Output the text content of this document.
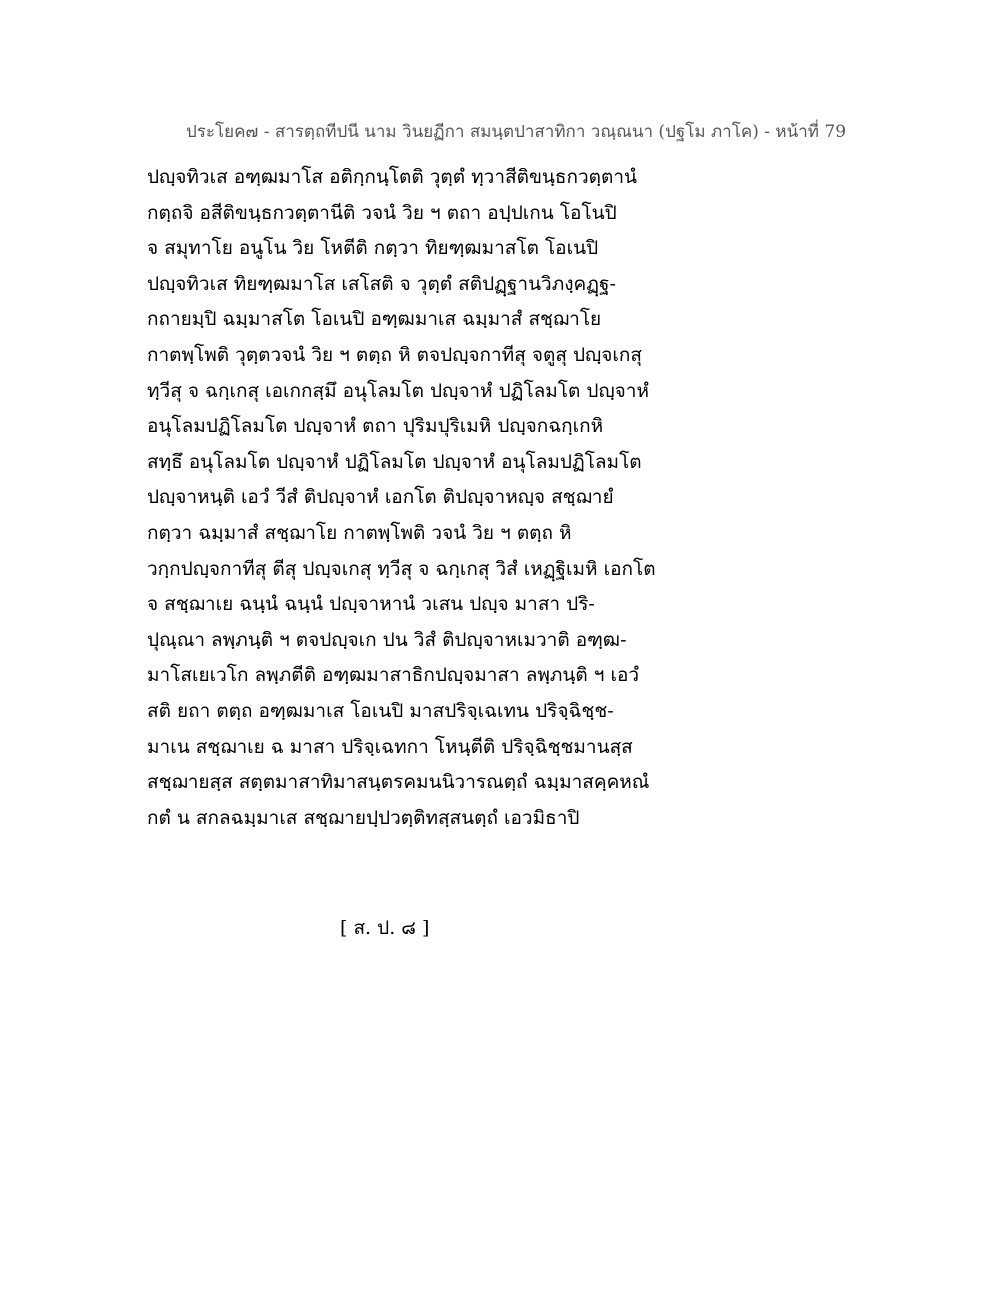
ประโยค๗ - สารตฺถทีปนี นาม วินยฏีกา สมนฺตปาสาทิกา วณฺณนา (ปฐโม ภาโค) - หน้าที่ 79
ปญฺจทิวเส อฑฺฒมาโส อติกฺกนฺโตติ วุตฺตํ ทฺวาสีติขนฺธกวตฺตานํ
กตฺถจิ อสีติขนฺธกวตฺตานีติ วจนํ วิย ฯ ตถา อปฺปเกน โอโนปิ
จ สมุทาโย อนูโน วิย โหตีติ กตฺวา ทิยฑฺฒมาสโต โอเนปิ
ปญฺจทิวเส ทิยฑฺฒมาโส เสโสติ จ วุตฺตํ สติปฏฺฐานวิภงฺคฏฺฐ-
กถายมฺปิ ฉมฺมาสโต โอเนปิ อฑฺฒมาเส ฉมฺมาสํ สชฺฌาโย
กาตพฺโพติ วุตฺตวจนํ วิย ฯ ตตฺถ หิ ตจปญฺจกาทีสุ จตูสุ ปญฺจเกสุ
ทฺวีสุ จ ฉกฺเกสุ เอเกกสฺมึ อนุโลมโต ปญฺจาหํ ปฏิโลมโต ปญฺจาหํ
อนุโลมปฏิโลมโต ปญฺจาหํ ตถา ปุริมปุริเมหิ ปญฺจกฉกฺเกหิ
สทฺธึ อนุโลมโต ปญฺจาหํ ปฏิโลมโต ปญฺจาหํ อนุโลมปฏิโลมโต
ปญฺจาหนฺติ เอวํ วีสํ ติปญฺจาหํ เอกโต ติปญฺจาหญฺจ สชฺฌายํ
กตฺวา ฉมฺมาสํ สชฺฌาโย กาตพฺโพติ วจนํ วิย ฯ ตตฺถ หิ
วกฺกปญฺจกาทีสุ ตีสุ ปญฺจเกสุ ทฺวีสุ จ ฉกฺเกสุ วิสํ เหฏฺฐิเมหิ เอกโต
จ สชฺฌาเย ฉนฺนํ ฉนฺนํ ปญฺจาหานํ วเสน ปญฺจ มาสา ปริ-
ปุณฺณา ลพฺภนฺติ ฯ ตจปญฺจเก ปน วิสํ ติปญฺจาหเมวาติ อฑฺฒ-
มาโสเยเวโก ลพฺภตีติ อฑฺฒมาสาธิกปญฺจมาสา ลพฺภนฺติ ฯ เอวํ
สติ ยถา ตตฺถ อฑฺฒมาเส โอเนปิ มาสปริจฺเฉเทน ปริจฺฉิชฺช-
มาเน สชฺฌาเย ฉ มาสา ปริจฺเฉทกา โหนฺตีติ ปริจฺฉิชฺชมานสฺส
สชฺฌายสฺส สตฺตมาสาทิมาสนฺตรคมนนิวารณตฺถํ ฉมฺมาสคฺคหณํ
กตํ น สกลฉมฺมาเส สชฺฌายปฺปวตฺติทสฺสนตฺถํ เอวมิธาปิ
[ ส. ป. ๘ ]
